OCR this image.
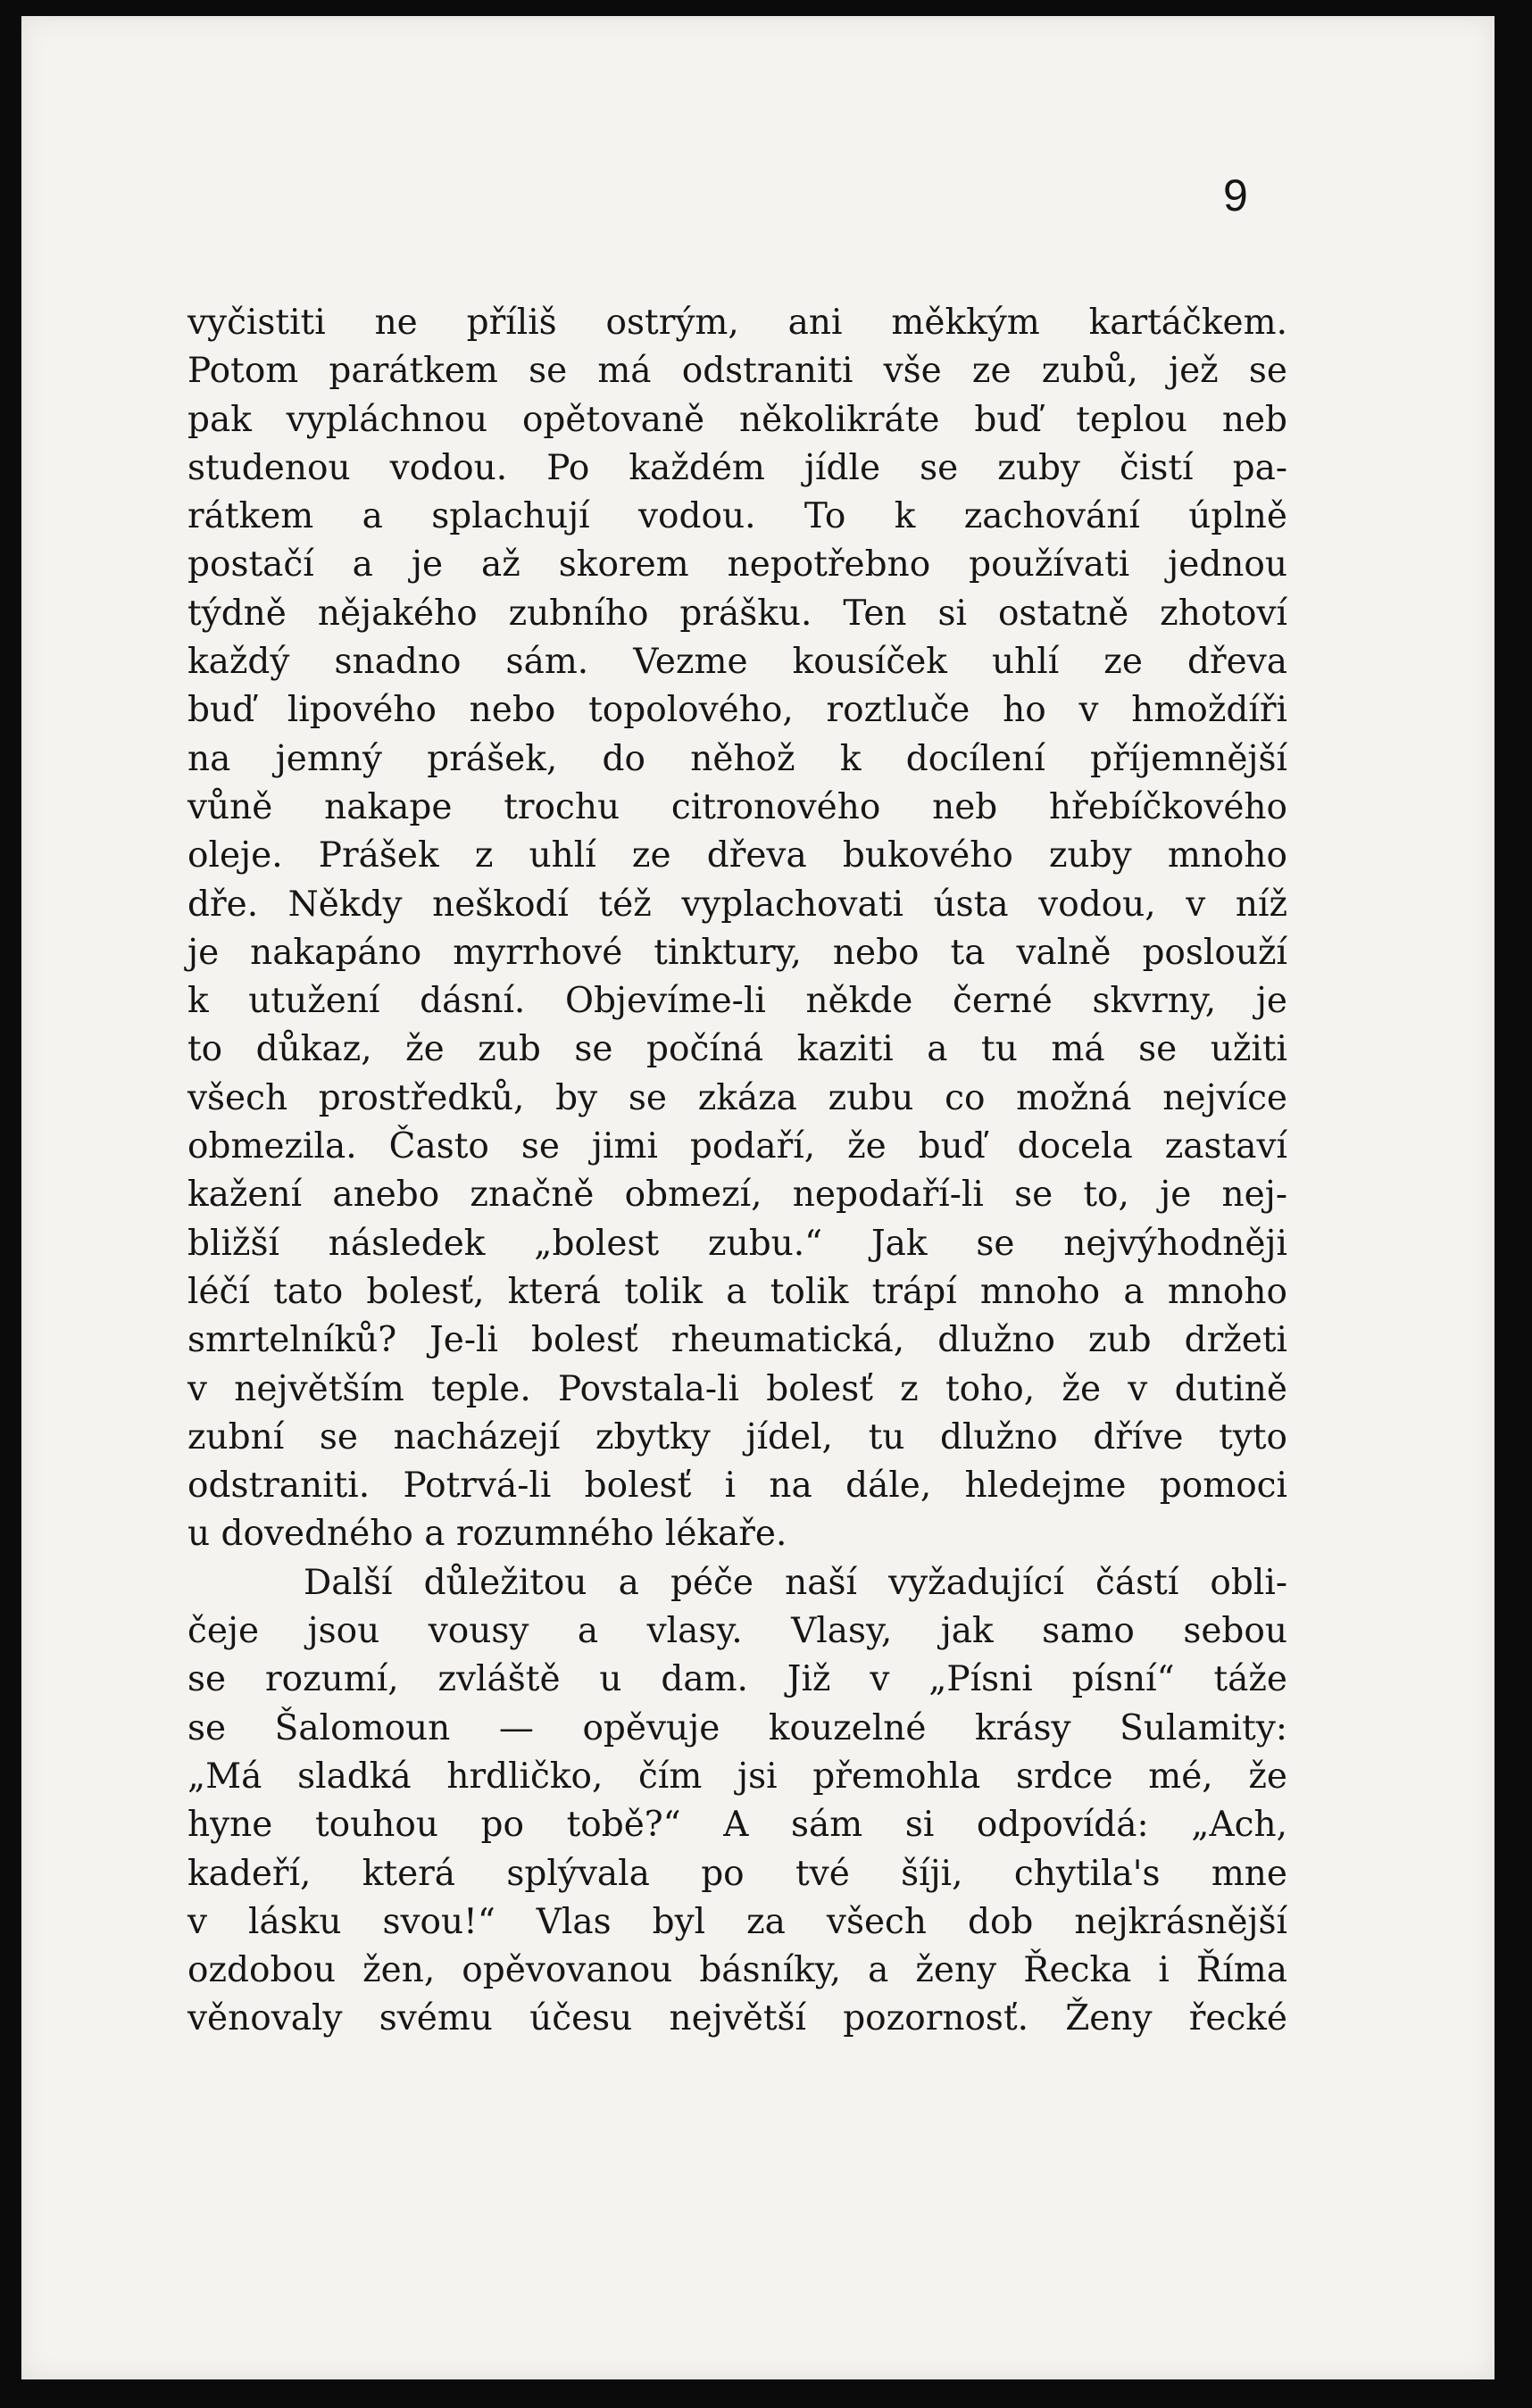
9
vyčistiti ne příliš ostrým, ani měkkým kartáčkem.
Potom parátkem se má odstraniti vše ze zubů, jež se
pak vypláchnou opětovaně několikráte buď teplou neb
studenou vodou. Po každém jídle se zuby čistí pa-
rátkem a splachují vodou. To k zachování úplně
postačí a je až skorem nepotřebno používati jednou
týdně nějakého zubního prášku. Ten si ostatně zhotoví
každý snadno sám. Vezme kousíček uhlí ze dřeva
buď lipového nebo topolového, roztluče ho v hmoždíři
na jemný prášek, do něhož k docílení příjemnější
vůně nakape trochu citronového neb hřebíčkového
oleje. Prášek z uhlí ze dřeva bukového zuby mnoho
dře. Někdy neškodí též vyplachovati ústa vodou, v níž
je nakapáno myrrhové tinktury, nebo ta valně poslouží
k utužení dásní. Objevíme-li někde černé skvrny, je
to důkaz, že zub se počíná kaziti a tu má se užiti
všech prostředků, by se zkáza zubu co možná nejvíce
obmezila. Často se jimi podaří, že buď docela zastaví
kažení anebo značně obmezí, nepodaří-li se to, je nej-
bližší následek „bolest zubu.“ Jak se nejvýhodněji
léčí tato bolesť, která tolik a tolik trápí mnoho a mnoho
smrtelníků? Je-li bolesť rheumatická, dlužno zub držeti
v největším teple. Povstala-li bolesť z toho, že v dutině
zubní se nacházejí zbytky jídel, tu dlužno dříve tyto
odstraniti. Potrvá-li bolesť i na dále, hledejme pomoci
u dovedného a rozumného lékaře.
Další důležitou a péče naší vyžadující částí obli-
čeje jsou vousy a vlasy. Vlasy, jak samo sebou
se rozumí, zvláště u dam. Již v „Písni písní“ táže
se Šalomoun — opěvuje kouzelné krásy Sulamity:
„Má sladká hrdličko, čím jsi přemohla srdce mé, že
hyne touhou po tobě?“ A sám si odpovídá: „Ach,
kadeří, která splývala po tvé šíji, chytila's mne
v lásku svou!“ Vlas byl za všech dob nejkrásnější
ozdobou žen, opěvovanou básníky, a ženy Řecka i Říma
věnovaly svému účesu největší pozornosť. Ženy řecké
